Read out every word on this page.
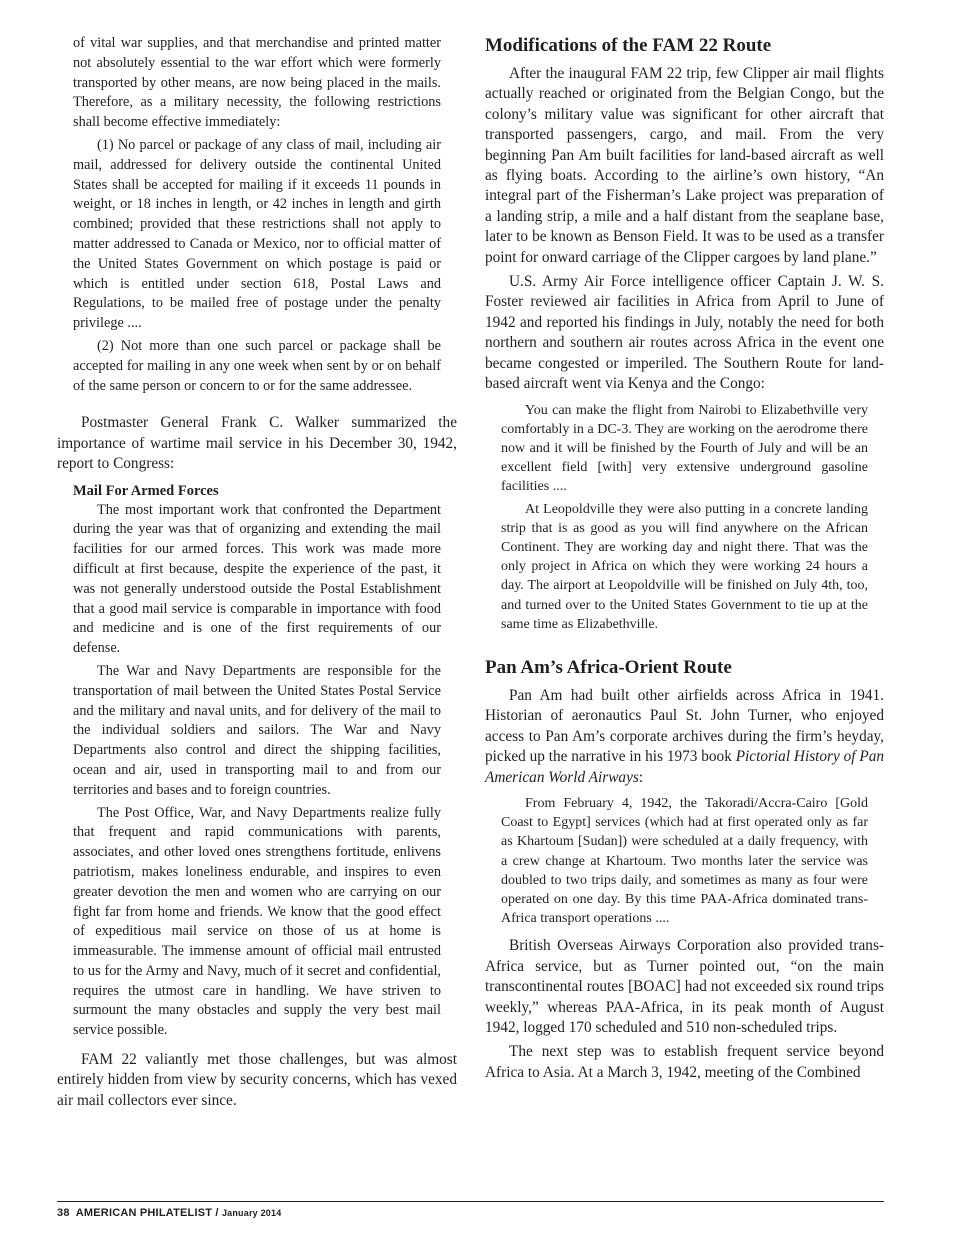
of vital war supplies, and that merchandise and printed matter not absolutely essential to the war effort which were formerly transported by other means, are now being placed in the mails. Therefore, as a military necessity, the following restrictions shall become effective immediately:

(1) No parcel or package of any class of mail, including air mail, addressed for delivery outside the continental United States shall be accepted for mailing if it exceeds 11 pounds in weight, or 18 inches in length, or 42 inches in length and girth combined; provided that these restrictions shall not apply to matter addressed to Canada or Mexico, nor to official matter of the United States Government on which postage is paid or which is entitled under section 618, Postal Laws and Regulations, to be mailed free of postage under the penalty privilege ....

(2) Not more than one such parcel or package shall be accepted for mailing in any one week when sent by or on behalf of the same person or concern to or for the same addressee.

Postmaster General Frank C. Walker summarized the importance of wartime mail service in his December 30, 1942, report to Congress:

Mail For Armed Forces

The most important work that confronted the Department during the year was that of organizing and extending the mail facilities for our armed forces. This work was made more difficult at first because, despite the experience of the past, it was not generally understood outside the Postal Establishment that a good mail service is comparable in importance with food and medicine and is one of the first requirements of our defense.

The War and Navy Departments are responsible for the transportation of mail between the United States Postal Service and the military and naval units, and for delivery of the mail to the individual soldiers and sailors. The War and Navy Departments also control and direct the shipping facilities, ocean and air, used in transporting mail to and from our territories and bases and to foreign countries.

The Post Office, War, and Navy Departments realize fully that frequent and rapid communications with parents, associates, and other loved ones strengthens fortitude, enlivens patriotism, makes loneliness endurable, and inspires to even greater devotion the men and women who are carrying on our fight far from home and friends. We know that the good effect of expeditious mail service on those of us at home is immeasurable. The immense amount of official mail entrusted to us for the Army and Navy, much of it secret and confidential, requires the utmost care in handling. We have striven to surmount the many obstacles and supply the very best mail service possible.

FAM 22 valiantly met those challenges, but was almost entirely hidden from view by security concerns, which has vexed air mail collectors ever since.

Modifications of the FAM 22 Route

After the inaugural FAM 22 trip, few Clipper air mail flights actually reached or originated from the Belgian Congo, but the colony’s military value was significant for other aircraft that transported passengers, cargo, and mail. From the very beginning Pan Am built facilities for land-based aircraft as well as flying boats. According to the airline’s own history, “An integral part of the Fisherman’s Lake project was preparation of a landing strip, a mile and a half distant from the seaplane base, later to be known as Benson Field. It was to be used as a transfer point for onward carriage of the Clipper cargoes by land plane.”

U.S. Army Air Force intelligence officer Captain J. W. S. Foster reviewed air facilities in Africa from April to June of 1942 and reported his findings in July, notably the need for both northern and southern air routes across Africa in the event one became congested or imperiled. The Southern Route for land-based aircraft went via Kenya and the Congo:

You can make the flight from Nairobi to Elizabethville very comfortably in a DC-3. They are working on the aerodrome there now and it will be finished by the Fourth of July and will be an excellent field [with] very extensive underground gasoline facilities ....

At Leopoldville they were also putting in a concrete landing strip that is as good as you will find anywhere on the African Continent. They are working day and night there. That was the only project in Africa on which they were working 24 hours a day. The airport at Leopoldville will be finished on July 4th, too, and turned over to the United States Government to tie up at the same time as Elizabethville.

Pan Am’s Africa-Orient Route

Pan Am had built other airfields across Africa in 1941. Historian of aeronautics Paul St. John Turner, who enjoyed access to Pan Am’s corporate archives during the firm’s heyday, picked up the narrative in his 1973 book Pictorial History of Pan American World Airways:

From February 4, 1942, the Takoradi/Accra-Cairo [Gold Coast to Egypt] services (which had at first operated only as far as Khartoum [Sudan]) were scheduled at a daily frequency, with a crew change at Khartoum. Two months later the service was doubled to two trips daily, and sometimes as many as four were operated on one day. By this time PAA-Africa dominated trans-Africa transport operations ....

British Overseas Airways Corporation also provided trans-Africa service, but as Turner pointed out, “on the main transcontinental routes [BOAC] had not exceeded six round trips weekly,” whereas PAA-Africa, in its peak month of August 1942, logged 170 scheduled and 510 non-scheduled trips.

The next step was to establish frequent service beyond Africa to Asia. At a March 3, 1942, meeting of the Combined

38 AMERICAN PHILATELIST / January 2014
